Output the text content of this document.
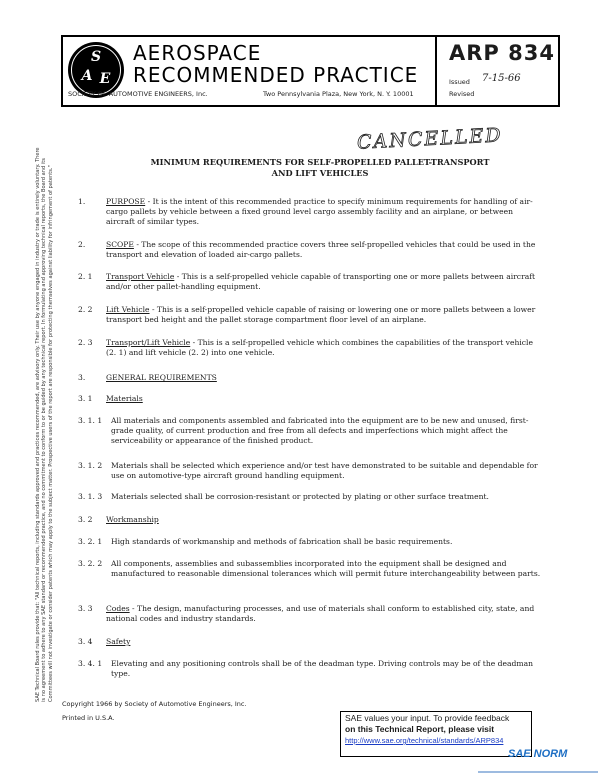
S
A E
AEROSPACE
RECOMMENDED PRACTICE
SOCIETY OF AUTOMOTIVE ENGINEERS, Inc.	Two Pennsylvania Plaza, New York, N. Y. 10001
ARP 834
Issued 7-15-66
Revised
CANCELLED
MINIMUM REQUIREMENTS FOR SELF-PROPELLED PALLET-TRANSPORT
AND LIFT VEHICLES
SAE Technical Board rules provide that: "All technical reports, including standards approved and practices recommended, are advisory only. Their use by anyone engaged in industry or trade is entirely voluntary. There is no agreement to adhere to any SAE standard or recommended practice, and no commitment to conform to or be guided by any technical report. In formulating and approving technical reports, the Board and its Committees will not investigate or consider patents which may apply to the subject matter. Prospective users of the report are responsible for protecting themselves against liability for infringement of patents."	1.	PURPOSE - It is the intent of this recommended practice to specify minimum requirements for handling of air-cargo pallets by vehicle between a fixed ground level cargo assembly facility and an airplane, or between aircraft of similar types.
2.	SCOPE - The scope of this recommended practice covers three self-propelled vehicles that could be used in the transport and elevation of loaded air-cargo pallets.
2. 1 Transport Vehicle - This is a self-propelled vehicle capable of transporting one or more pallets between aircraft and/or other pallet-handling equipment.
2. 2 Lift Vehicle - This is a self-propelled vehicle capable of raising or lowering one or more pallets between a lower transport bed height and the pallet storage compartment floor level of an airplane.
2. 3 Transport/Lift Vehicle - This is a self-propelled vehicle which combines the capabilities of the transport vehicle (2. 1) and lift vehicle (2. 2) into one vehicle.
3.	GENERAL REQUIREMENTS
3. 1 Materials
3. 1. 1 All materials and components assembled and fabricated into the equipment are to be new and unused, first-grade quality, of current production and free from all defects and imperfections which might affect the serviceability or appearance of the finished product.
3. 1. 2 Materials shall be selected which experience and/or test have demonstrated to be suitable and dependable for use on automotive-type aircraft ground handling equipment.
3. 1. 3 Materials selected shall be corrosion-resistant or protected by plating or other surface treatment.
3. 2 Workmanship
3. 2. 1 High standards of workmanship and methods of fabrication shall be basic requirements.
3. 2. 2 All components, assemblies and subassemblies incorporated into the equipment shall be designed and manufactured to reasonable dimensional tolerances which will permit future interchangeability between parts.
3. 3 Codes - The design, manufacturing processes, and use of materials shall conform to established city, state, and national codes and industry standards.
3. 4 Safety
3. 4. 1 Elevating and any positioning controls shall be of the deadman type. Driving controls may be of the deadman type.
Copyright 1966 by Society of Automotive Engineers, Inc.
Printed in U.S.A.	SAE values your input. To provide feedback
on this Technical Report, please visit
http://www.sae.org/technical/standards/ARP834
SAE NORM
